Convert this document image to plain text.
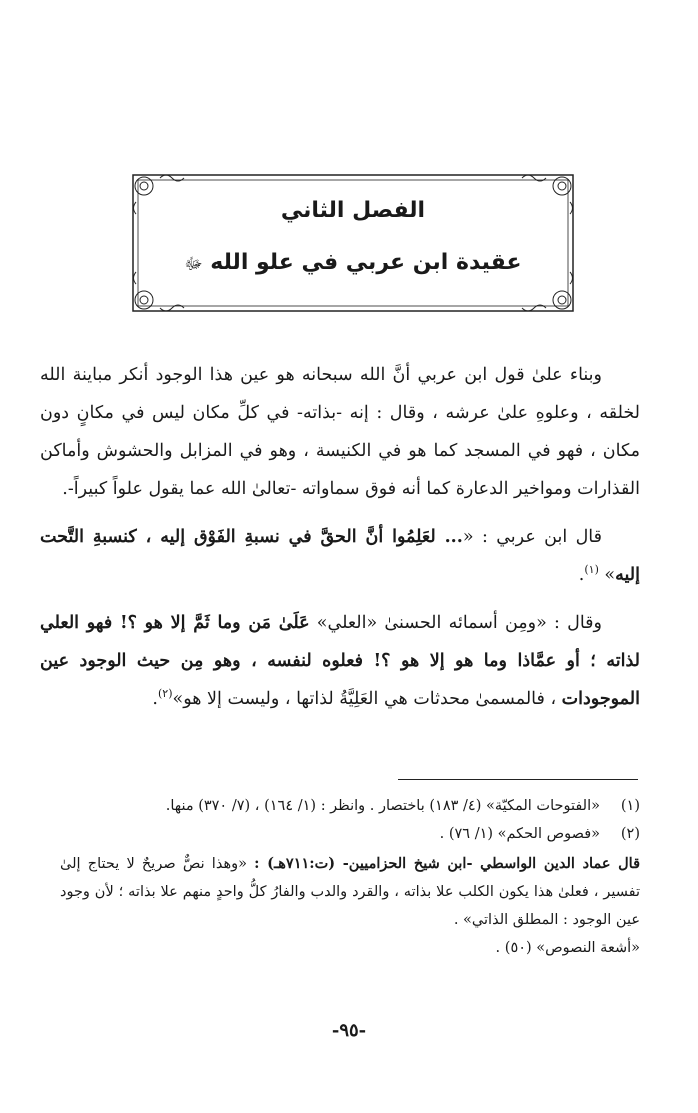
الفصل الثاني
عقيدة ابن عربي في علو الله ﷻ

وبناء علىٰ قول ابن عربي أنَّ الله سبحانه هو عين هذا الوجود أنكر مباينة الله لخلقه ، وعلوهِ علىٰ عرشه ، وقال : إنه -بذاته- في كلِّ مكان ليس في مكانٍ دون مكان ، فهو في المسجد كما هو في الكنيسة ، وهو في المزابل والحشوش وأماكن القذارات ومواخير الدعارة كما أنه فوق سماواته -تعالىٰ الله عما يقول علواً كبيراً-.

قال ابن عربي : «... لعَلِمُوا أنَّ الحقَّ في نسبةِ الفَوْق إليه ، كنسبةِ التَّحت إليه» $^{(١)}$.

وقال : «ومِن أسمائه الحسنىٰ «العلي» عَلَىٰ مَن وما ثَمَّ إلا هو ؟! فهو العلي لذاته ؛ أو عمَّاذا وما هو إلا هو ؟! فعلوه لنفسه ، وهو مِن حيث الوجود عين الموجودات ، فالمسمىٰ محدثات هي العَلِيَّةُ لذاتها ، وليست إلا هو»$^{(٢)}$.

(١)
«الفتوحات المكيّة» (٤/ ١٨٣) باختصار . وانظر : (١/ ١٦٤) ، (٧/ ٣٧٠) منها.
(٢)
«فصوص الحكم» (١/ ٧٦) .
قال عماد الدين الواسطي -ابن شيخ الحزاميين- (ت:٧١١هـ) : «وهذا نصٌّ صريحٌ لا يحتاج إلىٰ تفسير ، فعلىٰ هذا يكون الكلب علا بذاته ، والقرد والدب والفارُ كلُّ واحدٍ منهم علا بذاته ؛ لأن وجود عين الوجود : المطلق الذاتي» .
«أشعة النصوص» (٥٠) .
-٩٥-
